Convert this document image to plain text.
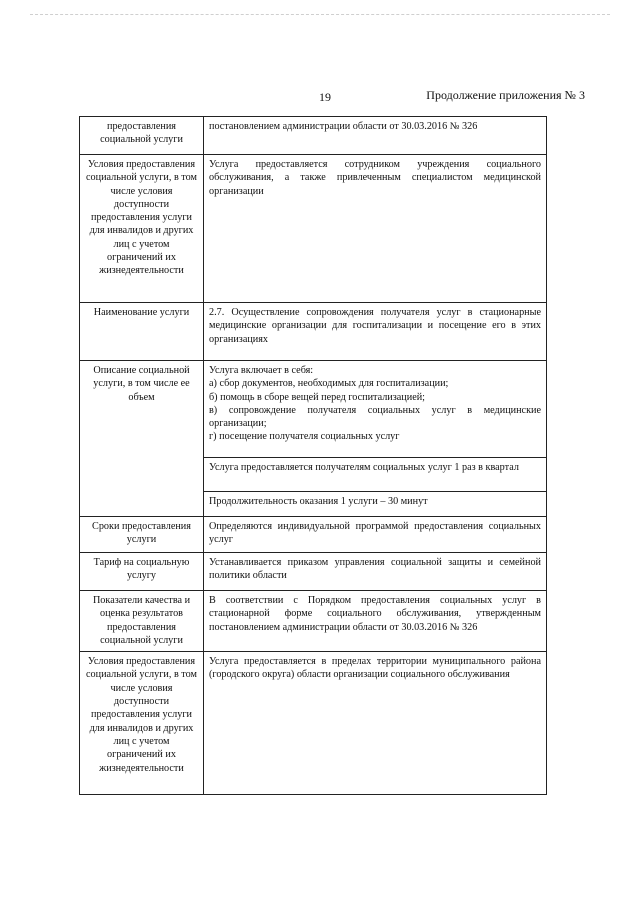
19	Продолжение приложения № 3
предоставления социальной услуги	постановлением администрации области от 30.03.2016 № 326
Условия предоставления социальной услуги, в том числе условия доступности предоставления услуги для инвалидов и других лиц с учетом ограничений их жизнедеятельности	Услуга предоставляется сотрудником учреждения социального обслуживания, а также привлеченным специалистом медицинской организации
Наименование услуги	2.7. Осуществление сопровождения получателя услуг в стационарные медицинские организации для госпитализации и посещение его в этих организациях
Описание социальной услуги, в том числе ее объем	Услуга включает в себя:
а) сбор документов, необходимых для госпитализации;
б) помощь в сборе вещей перед госпитализацией;
в) сопровождение получателя социальных услуг в медицинские организации;
г) посещение получателя социальных услуг

	Услуга предоставляется получателям социальных услуг 1 раз в квартал
	Продолжительность оказания 1 услуги – 30 минут
Сроки предоставления услуги	Определяются индивидуальной программой предоставления социальных услуг
Тариф на социальную услугу	Устанавливается приказом управления социальной защиты и семейной политики области
Показатели качества и оценка результатов предоставления социальной услуги	В соответствии с Порядком предоставления социальных услуг в стационарной форме социального обслуживания, утвержденным постановлением администрации области от 30.03.2016 № 326
Условия предоставления социальной услуги, в том числе условия доступности предоставления услуги для инвалидов и других лиц с учетом ограничений их жизнедеятельности	Услуга предоставляется в пределах территории муниципального района (городского округа) области организации социального обслуживания
